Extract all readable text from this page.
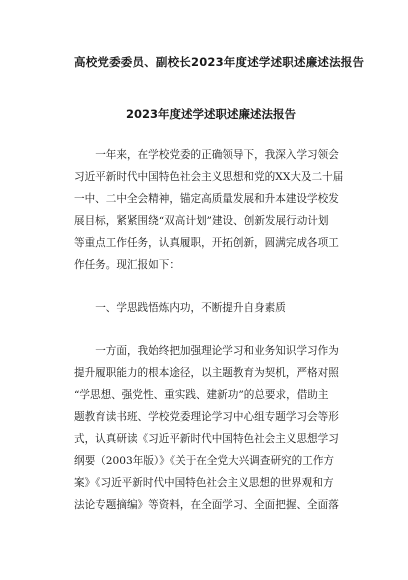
高校党委委员、副校长2023年度述学述职述廉述法报告
2023年度述学述职述廉述法报告
一年来，在学校党委的正确领导下，我深入学习领会
习近平新时代中国特色社会主义思想和党的XX大及二十届
一中、二中全会精神，锚定高质量发展和升本建设学校发
展目标，紧紧围绕“双高计划”建设、创新发展行动计划
等重点工作任务，认真履职，开拓创新，圆满完成各项工
作任务。现汇报如下：
一、学思践悟炼内功，不断提升自身素质
一方面，我始终把加强理论学习和业务知识学习作为
提升履职能力的根本途径，以主题教育为契机，严格对照
“学思想、强党性、重实践、建新功”的总要求，借助主
题教育读书班、学校党委理论学习中心组专题学习会等形
式，认真研读《习近平新时代中国特色社会主义思想学习
纲要（2003年版）》《关于在全党大兴调查研究的工作方
案》《习近平新时代中国特色社会主义思想的世界观和方
法论专题摘编》等资料，在全面学习、全面把握、全面落
